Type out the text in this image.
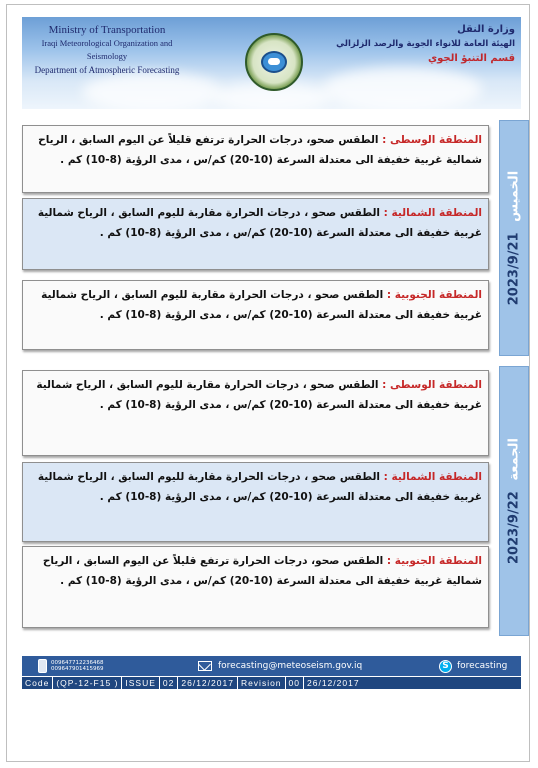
Ministry of Transportation
Iraqi Meteorological Organization and Seismology
Department of Atmospheric Forecasting
وزارة النقل
الهيئة العامة للانواء الجوية والرصد الزلزالي
قسم التنبؤ الجوي
الخميس 2023/9/21
المنطقة الوسطى : الطقس صحو، درجات الحرارة ترتفع قليلاً عن اليوم السابق ، الرياح شمالية غربية خفيفة الى معتدلة السرعة (10-20) كم/س ، مدى الرؤية (8-10) كم .
المنطقة الشمالية : الطقس صحو ، درجات الحرارة مقاربة لليوم السابق ، الرياح شمالية غربية خفيفة الى معتدلة السرعة (10-20) كم/س ، مدى الرؤية (8-10) كم .
المنطقة الجنوبية : الطقس صحو ، درجات الحرارة مقاربة لليوم السابق ، الرياح شمالية غربية خفيفة الى معتدلة السرعة (10-20) كم/س ، مدى الرؤية (8-10) كم .
الجمعة 2023/9/22
المنطقة الوسطى : الطقس صحو ، درجات الحرارة مقاربة لليوم السابق ، الرياح شمالية غربية خفيفة الى معتدلة السرعة (10-20) كم/س ، مدى الرؤية (8-10) كم .
المنطقة الشمالية : الطقس صحو ، درجات الحرارة مقاربة لليوم السابق ، الرياح شمالية غربية خفيفة الى معتدلة السرعة (10-20) كم/س ، مدى الرؤية (8-10) كم .
المنطقة الجنوبية : الطقس صحو، درجات الحرارة ترتفع قليلاً عن اليوم السابق ، الرياح شمالية غربية خفيفة الى معتدلة السرعة (10-20) كم/س ، مدى الرؤية (8-10) كم .
009647712236468
009647901415969	forecasting@meteoseism.gov.iq	S forecasting
Code (QP-12-F15 ) ISSUE 02 26/12/2017 Revision 00 26/12/2017
